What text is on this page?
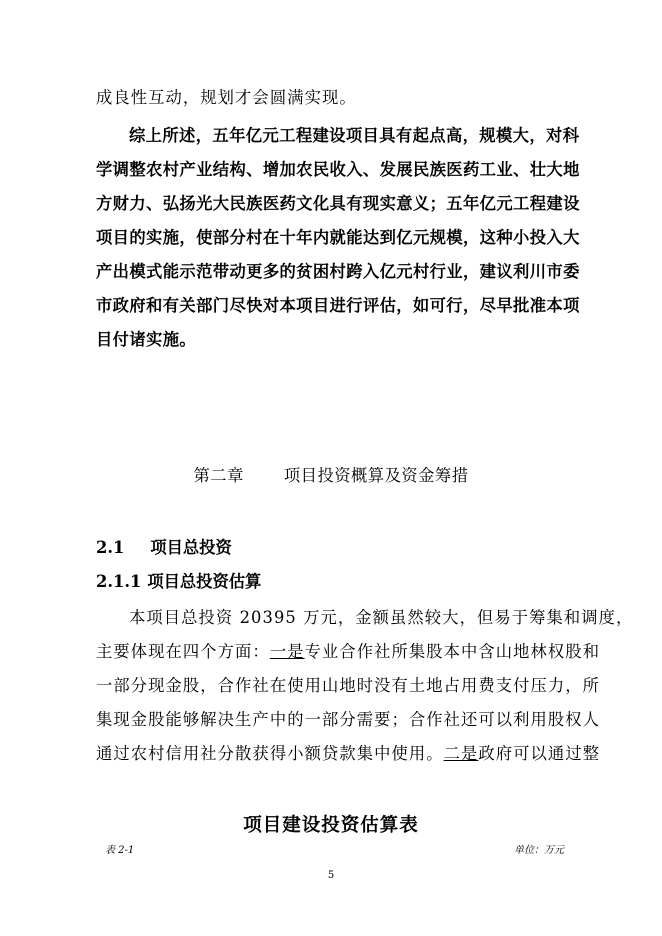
成良性互动，规划才会圆满实现。
综上所述，五年亿元工程建设项目具有起点高，规模大，对科
学调整农村产业结构、增加农民收入、发展民族医药工业、壮大地
方财力、弘扬光大民族医药文化具有现实意义；五年亿元工程建设
项目的实施，使部分村在十年内就能达到亿元规模，这种小投入大
产出模式能示范带动更多的贫困村跨入亿元村行业，建议利川市委
市政府和有关部门尽快对本项目进行评估，如可行，尽早批准本项
目付诸实施。
第二章 项目投资概算及资金筹措
2.1 项目总投资
2.1.1 项目总投资估算
本项目总投资 20395 万元，金额虽然较大，但易于筹集和调度，
主要体现在四个方面：一是专业合作社所集股本中含山地林权股和
一部分现金股，合作社在使用山地时没有土地占用费支付压力，所
集现金股能够解决生产中的一部分需要；合作社还可以利用股权人
通过农村信用社分散获得小额贷款集中使用。二是政府可以通过整
项目建设投资估算表
表 2-1	单位：万元
5
